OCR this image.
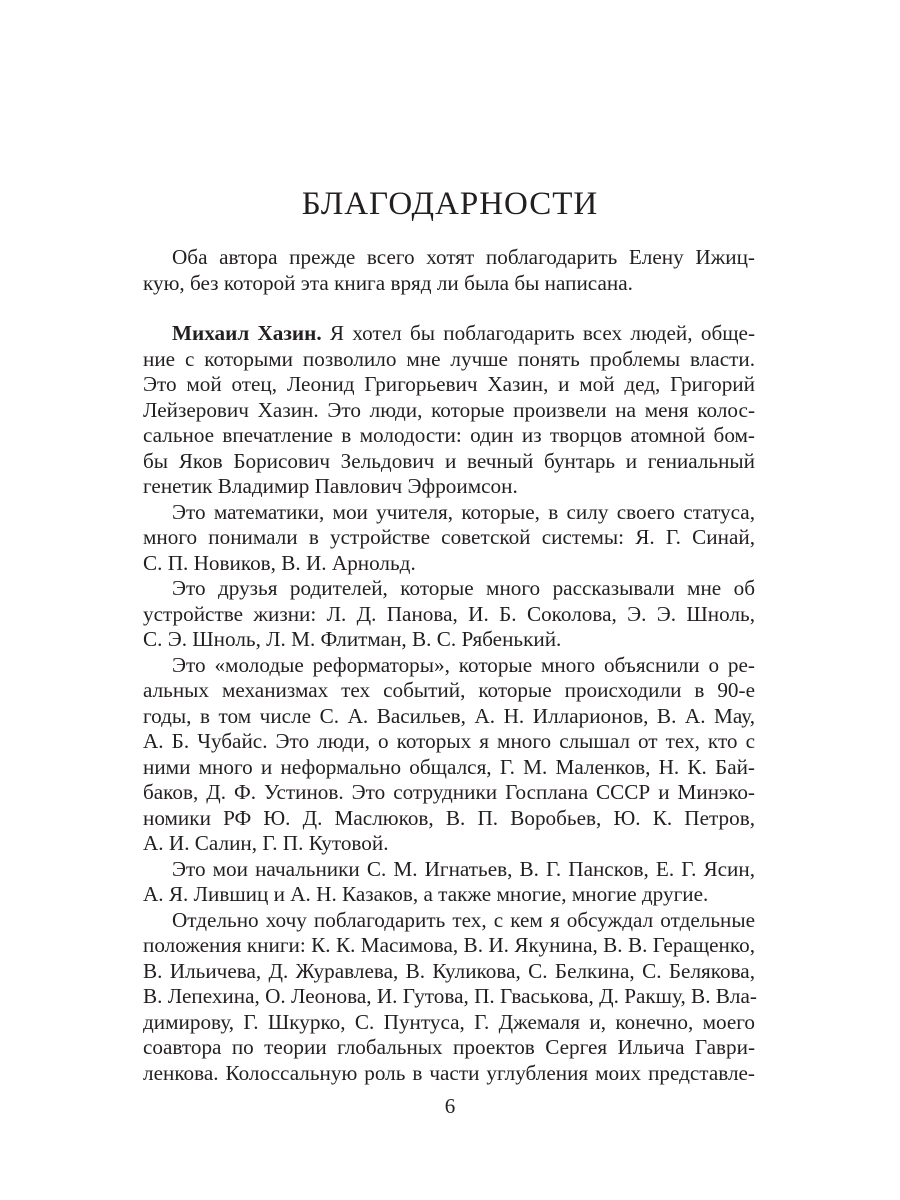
БЛАГОДАРНОСТИ
Оба автора прежде всего хотят поблагодарить Елену Ижиц-
кую, без которой эта книга вряд ли была бы написана.
Михаил Хазин. Я хотел бы поблагодарить всех людей, обще-
ние с которыми позволило мне лучше понять проблемы власти.
Это мой отец, Леонид Григорьевич Хазин, и мой дед, Григорий
Лейзерович Хазин. Это люди, которые произвели на меня колос-
сальное впечатление в молодости: один из творцов атомной бом-
бы Яков Борисович Зельдович и вечный бунтарь и гениальный
генетик Владимир Павлович Эфроимсон.
Это математики, мои учителя, которые, в силу своего статуса,
много понимали в устройстве советской системы: Я. Г. Синай,
С. П. Новиков, В. И. Арнольд.
Это друзья родителей, которые много рассказывали мне об
устройстве жизни: Л. Д. Панова, И. Б. Соколова, Э. Э. Шноль,
С. Э. Шноль, Л. М. Флитман, В. С. Рябенький.
Это «молодые реформаторы», которые много объяснили о ре-
альных механизмах тех событий, которые происходили в 90-е
годы, в том числе С. А. Васильев, А. Н. Илларионов, В. А. Мау,
А. Б. Чубайс. Это люди, о которых я много слышал от тех, кто с
ними много и неформально общался, Г. М. Маленков, Н. К. Бай-
баков, Д. Ф. Устинов. Это сотрудники Госплана СССР и Минэко-
номики РФ Ю. Д. Маслюков, В. П. Воробьев, Ю. К. Петров,
А. И. Салин, Г. П. Кутовой.
Это мои начальники С. М. Игнатьев, В. Г. Пансков, Е. Г. Ясин,
А. Я. Лившиц и А. Н. Казаков, а также многие, многие другие.
Отдельно хочу поблагодарить тех, с кем я обсуждал отдельные
положения книги: К. К. Масимова, В. И. Якунина, В. В. Геращенко,
В. Ильичева, Д. Журавлева, В. Куликова, С. Белкина, С. Белякова,
В. Лепехина, О. Леонова, И. Гутова, П. Гваськова, Д. Ракшу, В. Вла-
димирову, Г. Шкурко, С. Пунтуса, Г. Джемаля и, конечно, моего
соавтора по теории глобальных проектов Сергея Ильича Гаври-
ленкова. Колоссальную роль в части углубления моих представле-
6
